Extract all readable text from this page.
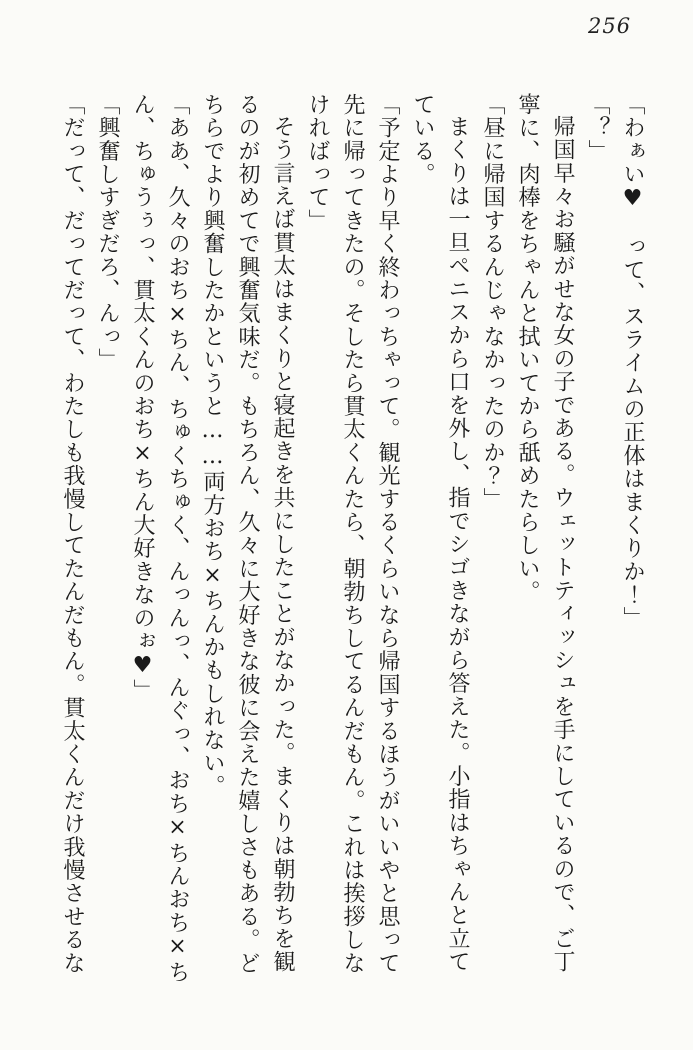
256

「わぁい♥　って、スライムの正体はまくりか！」

「？」

帰国早々お騒がせな女の子である。ウェットティッシュを手にしているので、ご丁

寧に、肉棒をちゃんと拭いてから舐めたらしい。

「昼に帰国するんじゃなかったのか？」

まくりは一旦ペニスから口を外し、指でシゴきながら答えた。小指はちゃんと立て

ている。

「予定より早く終わっちゃって。観光するくらいなら帰国するほうがいいやと思って

先に帰ってきたの。そしたら貫太くんたら、朝勃ちしてるんだもん。これは挨拶しな

ければって」

そう言えば貫太はまくりと寝起きを共にしたことがなかった。まくりは朝勃ちを観

るのが初めてで興奮気味だ。もちろん、久々に大好きな彼に会えた嬉しさもある。ど

ちらでより興奮したかというと……両方おち×ちんかもしれない。

「ああ、久々のおち×ちん、ちゅくちゅく、んっんっ、んぐっ、おち×ちんおち×ち

ん、ちゅうぅっ、貫太くんのおち×ちん大好きなのぉ♥」

「興奮しすぎだろ、んっ」

「だって、だってだって、わたしも我慢してたんだもん。貫太くんだけ我慢させるな
